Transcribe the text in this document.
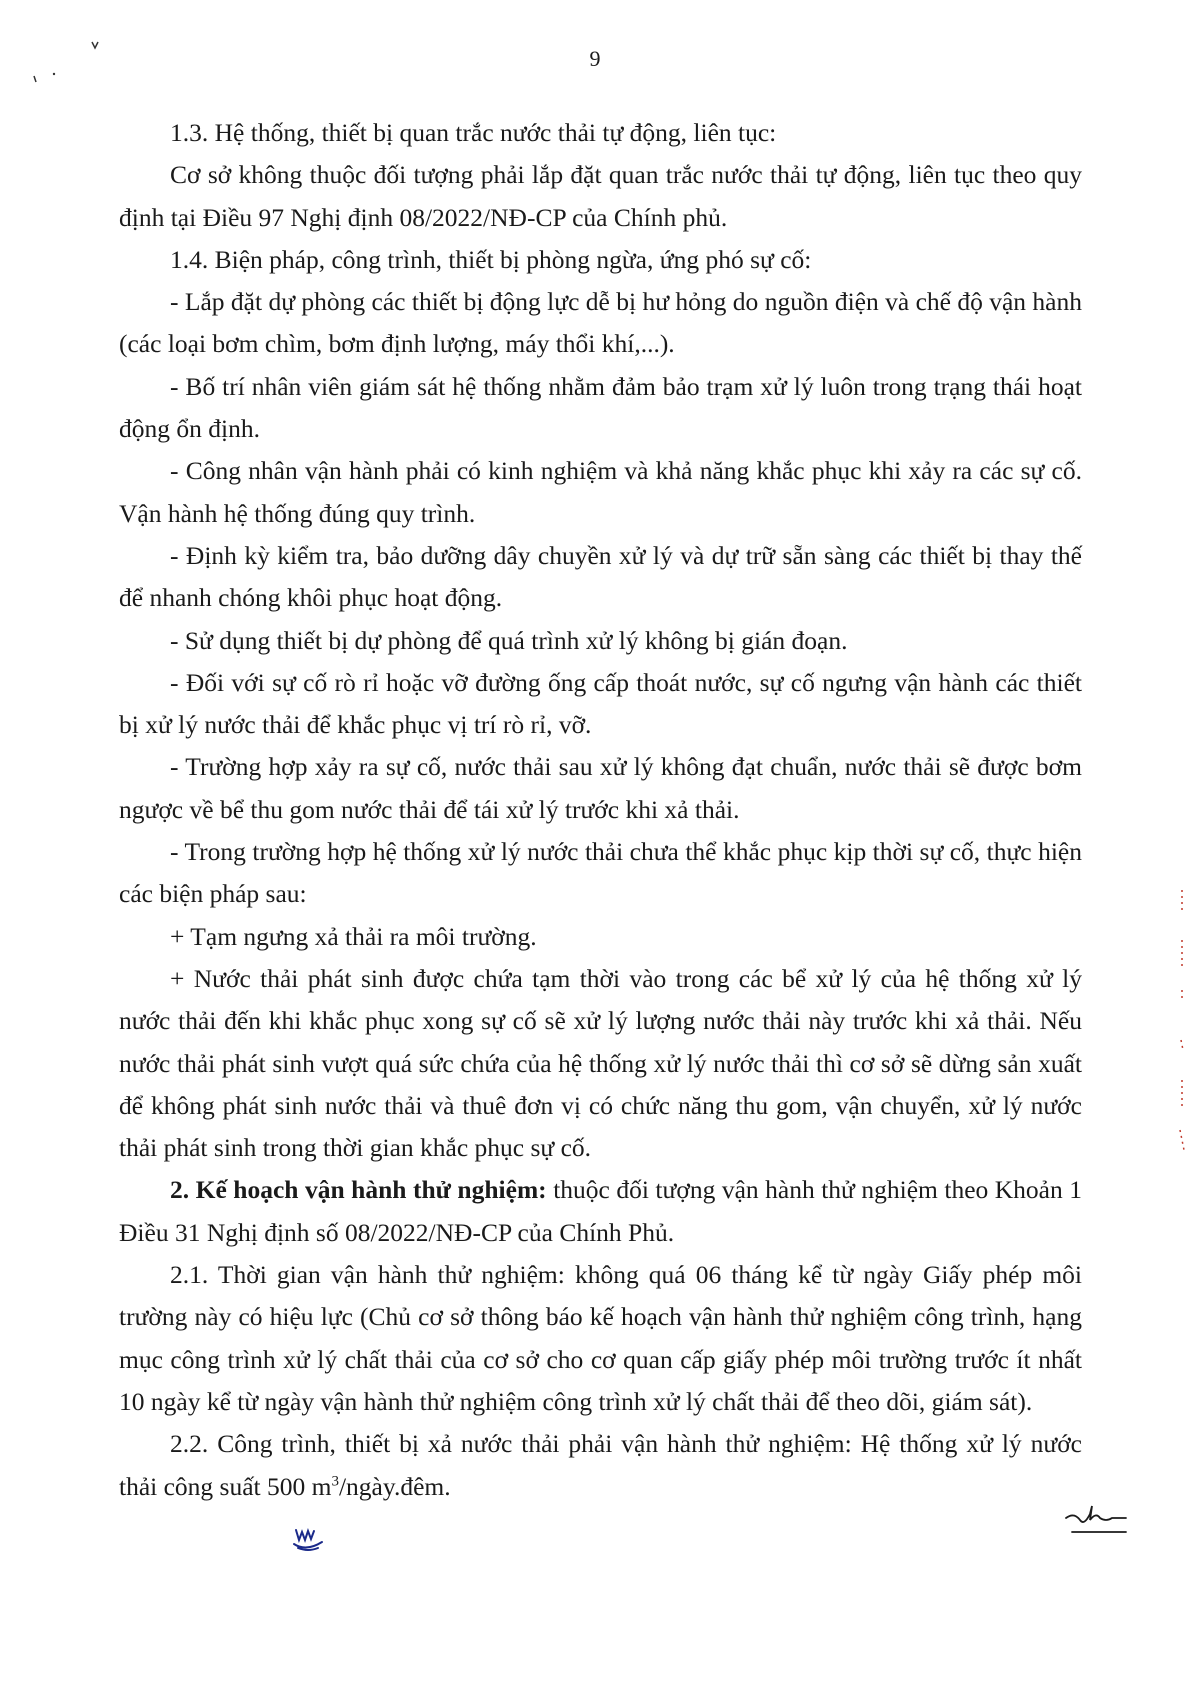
9

1.3. Hệ thống, thiết bị quan trắc nước thải tự động, liên tục:

Cơ sở không thuộc đối tượng phải lắp đặt quan trắc nước thải tự động, liên tục theo quy định tại Điều 97 Nghị định 08/2022/NĐ-CP của Chính phủ.

1.4. Biện pháp, công trình, thiết bị phòng ngừa, ứng phó sự cố:

- Lắp đặt dự phòng các thiết bị động lực dễ bị hư hỏng do nguồn điện và chế độ vận hành (các loại bơm chìm, bơm định lượng, máy thổi khí,...).

- Bố trí nhân viên giám sát hệ thống nhằm đảm bảo trạm xử lý luôn trong trạng thái hoạt động ổn định.

- Công nhân vận hành phải có kinh nghiệm và khả năng khắc phục khi xảy ra các sự cố. Vận hành hệ thống đúng quy trình.

- Định kỳ kiểm tra, bảo dưỡng dây chuyền xử lý và dự trữ sẵn sàng các thiết bị thay thế để nhanh chóng khôi phục hoạt động.

- Sử dụng thiết bị dự phòng để quá trình xử lý không bị gián đoạn.

- Đối với sự cố rò rỉ hoặc vỡ đường ống cấp thoát nước, sự cố ngưng vận hành các thiết bị xử lý nước thải để khắc phục vị trí rò rỉ, vỡ.

- Trường hợp xảy ra sự cố, nước thải sau xử lý không đạt chuẩn, nước thải sẽ được bơm ngược về bể thu gom nước thải để tái xử lý trước khi xả thải.

- Trong trường hợp hệ thống xử lý nước thải chưa thể khắc phục kịp thời sự cố, thực hiện các biện pháp sau:

+ Tạm ngưng xả thải ra môi trường.

+ Nước thải phát sinh được chứa tạm thời vào trong các bể xử lý của hệ thống xử lý nước thải đến khi khắc phục xong sự cố sẽ xử lý lượng nước thải này trước khi xả thải. Nếu nước thải phát sinh vượt quá sức chứa của hệ thống xử lý nước thải thì cơ sở sẽ dừng sản xuất để không phát sinh nước thải và thuê đơn vị có chức năng thu gom, vận chuyển, xử lý nước thải phát sinh trong thời gian khắc phục sự cố.

2. Kế hoạch vận hành thử nghiệm: thuộc đối tượng vận hành thử nghiệm theo Khoản 1 Điều 31 Nghị định số 08/2022/NĐ-CP của Chính Phủ.

2.1. Thời gian vận hành thử nghiệm: không quá 06 tháng kể từ ngày Giấy phép môi trường này có hiệu lực (Chủ cơ sở thông báo kế hoạch vận hành thử nghiệm công trình, hạng mục công trình xử lý chất thải của cơ sở cho cơ quan cấp giấy phép môi trường trước ít nhất 10 ngày kể từ ngày vận hành thử nghiệm công trình xử lý chất thải để theo dõi, giám sát).

2.2. Công trình, thiết bị xả nước thải phải vận hành thử nghiệm: Hệ thống xử lý nước thải công suất 500 $m^3/ngày.đêm$.
